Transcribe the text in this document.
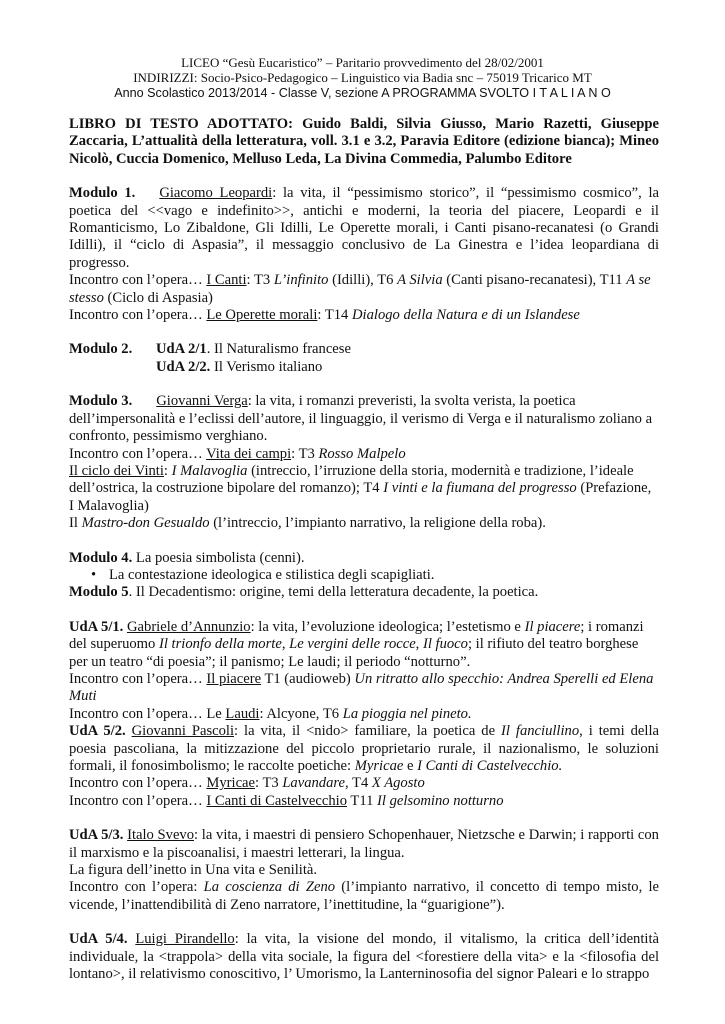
LICEO “Gesù Eucaristico” – Paritario provvedimento del 28/02/2001
INDIRIZZI: Socio-Psico-Pedagogico – Linguistico via Badia snc – 75019 Tricarico MT
Anno Scolastico 2013/2014 - Classe V, sezione A PROGRAMMA SVOLTO I T A L I A N O

LIBRO DI TESTO ADOTTATO: Guido Baldi, Silvia Giusso, Mario Razetti, Giuseppe Zaccaria, L’attualità della letteratura, voll. 3.1 e 3.2, Paravia Editore (edizione bianca); Mineo Nicolò, Cuccia Domenico, Melluso Leda, La Divina Commedia, Palumbo Editore

Modulo 1. Giacomo Leopardi: la vita, il “pessimismo storico”, il “pessimismo cosmico”, la poetica del <<vago e indefinito>>, antichi e moderni, la teoria del piacere, Leopardi e il Romanticismo, Lo Zibaldone, Gli Idilli, Le Operette morali, i Canti pisano-recanatesi (o Grandi Idilli), il “ciclo di Aspasia”, il messaggio conclusivo de La Ginestra e l’idea leopardiana di progresso.

Incontro con l’opera… I Canti: T3 L’infinito (Idilli), T6 A Silvia (Canti pisano-recanatesi), T11 A se stesso (Ciclo di Aspasia)

Incontro con l’opera… Le Operette morali: T14 Dialogo della Natura e di un Islandese

Modulo 2.	UdA 2/1. Il Naturalismo francese
	UdA 2/2. Il Verismo italiano

Modulo 3. Giovanni Verga: la vita, i romanzi preveristi, la svolta verista, la poetica dell’impersonalità e l’eclissi dell’autore, il linguaggio, il verismo di Verga e il naturalismo zoliano a confronto, pessimismo verghiano.

Incontro con l’opera… Vita dei campi: T3 Rosso Malpelo

Il ciclo dei Vinti: I Malavoglia (intreccio, l’irruzione della storia, modernità e tradizione, l’ideale dell’ostrica, la costruzione bipolare del romanzo); T4 I vinti e la fiumana del progresso (Prefazione, I Malavoglia)

Il Mastro-don Gesualdo (l’intreccio, l’impianto narrativo, la religione della roba).

Modulo 4. La poesia simbolista (cenni).

• La contestazione ideologica e stilistica degli scapigliati.

Modulo 5. Il Decadentismo: origine, temi della letteratura decadente, la poetica.

UdA 5/1. Gabriele d’Annunzio: la vita, l’evoluzione ideologica; l’estetismo e Il piacere; i romanzi del superuomo Il trionfo della morte, Le vergini delle rocce, Il fuoco; il rifiuto del teatro borghese per un teatro “di poesia”; il panismo; Le laudi; il periodo “notturno”.

Incontro con l’opera… Il piacere T1 (audioweb) Un ritratto allo specchio: Andrea Sperelli ed Elena Muti

Incontro con l’opera… Le Laudi: Alcyone, T6 La pioggia nel pineto.

UdA 5/2. Giovanni Pascoli: la vita, il <nido> familiare, la poetica de Il fanciullino, i temi della poesia pascoliana, la mitizzazione del piccolo proprietario rurale, il nazionalismo, le soluzioni formali, il fonosimbolismo; le raccolte poetiche: Myricae e I Canti di Castelvecchio.

Incontro con l’opera… Myricae: T3 Lavandare, T4 X Agosto

Incontro con l’opera… I Canti di Castelvecchio T11 Il gelsomino notturno

UdA 5/3. Italo Svevo: la vita, i maestri di pensiero Schopenhauer, Nietzsche e Darwin; i rapporti con il marxismo e la piscoanalisi, i maestri letterari, la lingua.

La figura dell’inetto in Una vita e Senilità.

Incontro con l’opera: La coscienza di Zeno (l’impianto narrativo, il concetto di tempo misto, le vicende, l’inattendibilità di Zeno narratore, l’inettitudine, la “guarigione”).

UdA 5/4. Luigi Pirandello: la vita, la visione del mondo, il vitalismo, la critica dell’identità individuale, la <trappola> della vita sociale, la figura del <forestiere della vita> e la <filosofia del lontano>, il relativismo conoscitivo, l’ Umorismo, la Lanterninosofia del signor Paleari e lo strappo
